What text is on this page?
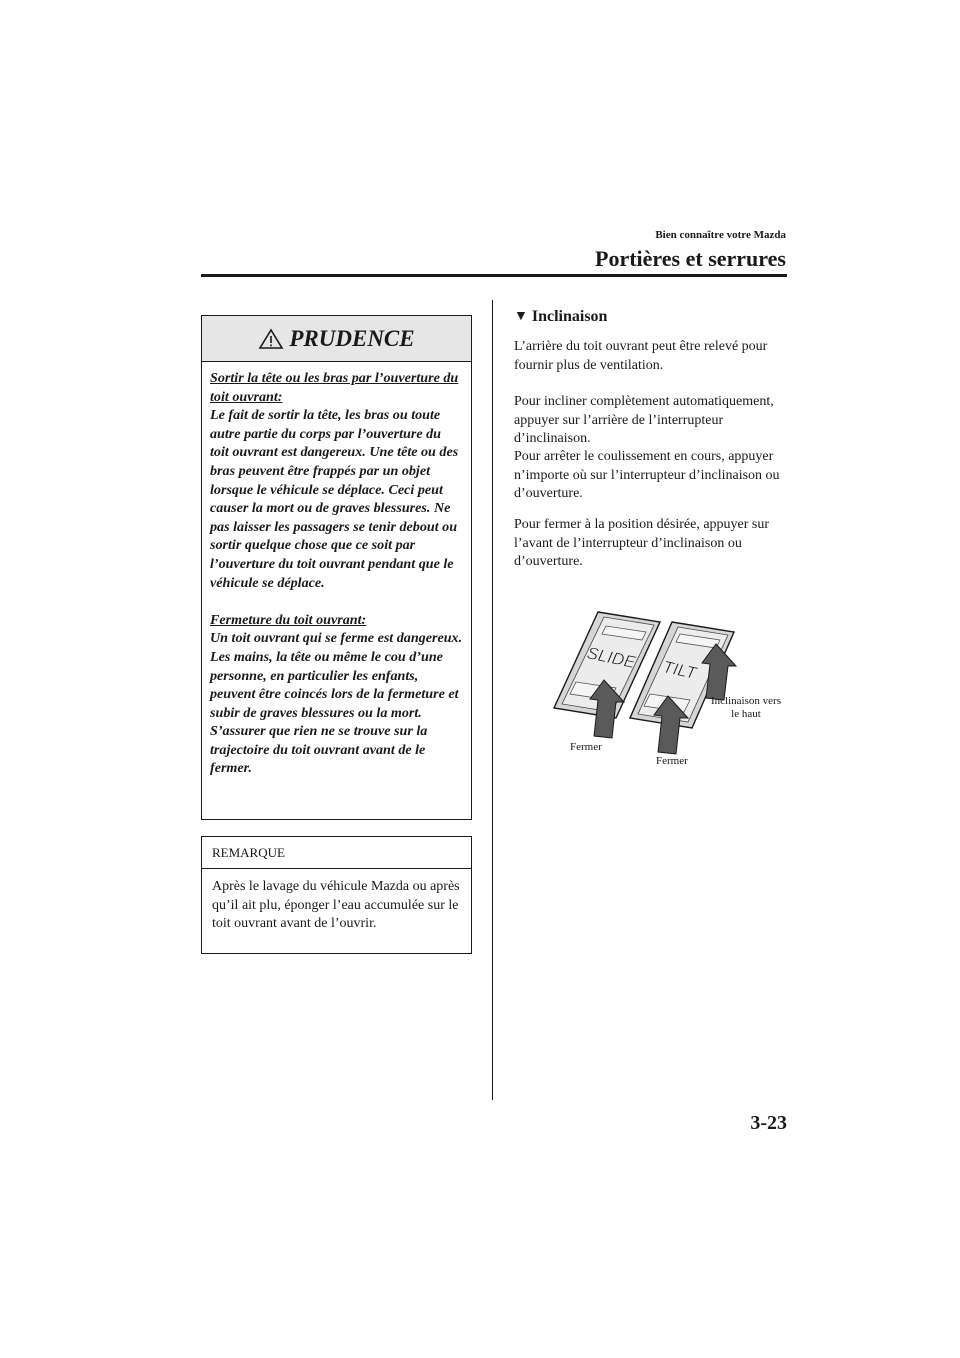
Bien connaître votre Mazda
Portières et serrures
PRUDENCE

Sortir la tête ou les bras par l’ouverture du toit ouvrant:
Le fait de sortir la tête, les bras ou toute autre partie du corps par l’ouverture du toit ouvrant est dangereux. Une tête ou des bras peuvent être frappés par un objet lorsque le véhicule se déplace. Ceci peut causer la mort ou de graves blessures. Ne pas laisser les passagers se tenir debout ou sortir quelque chose que ce soit par l’ouverture du toit ouvrant pendant que le véhicule se déplace.

Fermeture du toit ouvrant:
Un toit ouvrant qui se ferme est dangereux. Les mains, la tête ou même le cou d’une personne, en particulier les enfants, peuvent être coincés lors de la fermeture et subir de graves blessures ou la mort. S’assurer que rien ne se trouve sur la trajectoire du toit ouvrant avant de le fermer.

REMARQUE
Après le lavage du véhicule Mazda ou après qu’il ait plu, éponger l’eau accumulée sur le toit ouvrant avant de l’ouvrir.
▼ Inclinaison
L’arrière du toit ouvrant peut être relevé pour fournir plus de ventilation.
Pour incliner complètement automatiquement, appuyer sur l’arrière de l’interrupteur d’inclinaison.
Pour arrêter le coulissement en cours, appuyer n’importe où sur l’interrupteur d’inclinaison ou d’ouverture.
Pour fermer à la position désirée, appuyer sur l’avant de l’interrupteur d’inclinaison ou d’ouverture.
SLIDE TILT
Fermer
Fermer
Inclinaison vers le haut
3-23
